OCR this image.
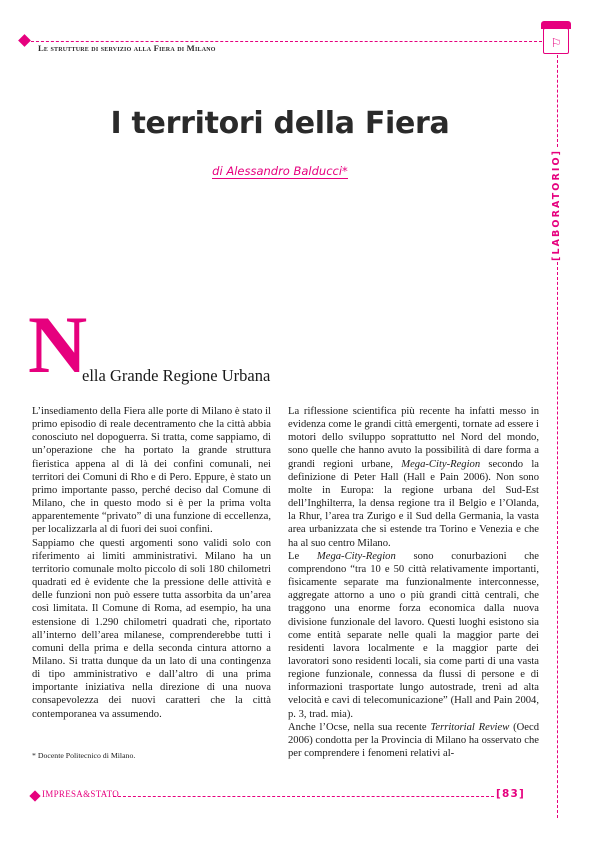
Le strutture di servizio alla Fiera di Milano	⚐
[LABORATORIO]
I territori della Fiera
di Alessandro Balducci*
N
ella Grande Regione Urbana

L’insediamento della Fiera alle porte di Milano è stato il primo episodio di reale decentramento che la città abbia conosciuto nel dopoguerra. Si tratta, come sappiamo, di un’operazione che ha portato la grande struttura fieristica appena al di là dei confini comunali, nei territori dei Comuni di Rho e di Pero. Eppure, è stato un primo importante passo, perché deciso dal Comune di Milano, che in questo modo si è per la prima volta apparentemente “privato” di una funzione di eccellenza, per localizzarla al di fuori dei suoi confini.

Sappiamo che questi argomenti sono validi solo con riferimento ai limiti amministrativi. Milano ha un territorio comunale molto piccolo di soli 180 chilometri quadrati ed è evidente che la pressione delle attività e delle funzioni non può essere tutta assorbita da un’area così limitata. Il Comune di Roma, ad esempio, ha una estensione di 1.290 chilometri quadrati che, riportato all’interno dell’area milanese, comprenderebbe tutti i comuni della prima e della seconda cintura attorno a Milano. Si tratta dunque da un lato di una contingenza di tipo amministrativo e dall’altro di una prima importante iniziativa nella direzione di una nuova consapevolezza dei nuovi caratteri che la città contemporanea va assumendo.

La riflessione scientifica più recente ha infatti messo in evidenza come le grandi città emergenti, tornate ad essere i motori dello sviluppo soprattutto nel Nord del mondo, sono quelle che hanno avuto la possibilità di dare forma a grandi regioni urbane, Mega-City-Region secondo la definizione di Peter Hall (Hall e Pain 2006). Non sono molte in Europa: la regione urbana del Sud-Est dell’Inghilterra, la densa regione tra il Belgio e l’Olanda, la Rhur, l’area tra Zurigo e il Sud della Germania, la vasta area urbanizzata che si estende tra Torino e Venezia e che ha al suo centro Milano.

Le Mega-City-Region sono conurbazioni che comprendono “tra 10 e 50 città relativamente importanti, fisicamente separate ma funzionalmente interconnesse, aggregate attorno a uno o più grandi città centrali, che traggono una enorme forza economica dalla nuova divisione funzionale del lavoro. Questi luoghi esistono sia come entità separate nelle quali la maggior parte dei residenti lavora localmente e la maggior parte dei lavoratori sono residenti locali, sia come parti di una vasta regione funzionale, connessa da flussi di persone e di informazioni trasportate lungo autostrade, treni ad alta velocità e cavi di telecomunicazione” (Hall and Pain 2004, p. 3, trad. mia).

Anche l’Ocse, nella sua recente Territorial Review (Oecd 2006) condotta per la Provincia di Milano ha osservato che per comprendere i fenomeni relativi al-

* Docente Politecnico di Milano.
IMPRESA&STATO	[83]
